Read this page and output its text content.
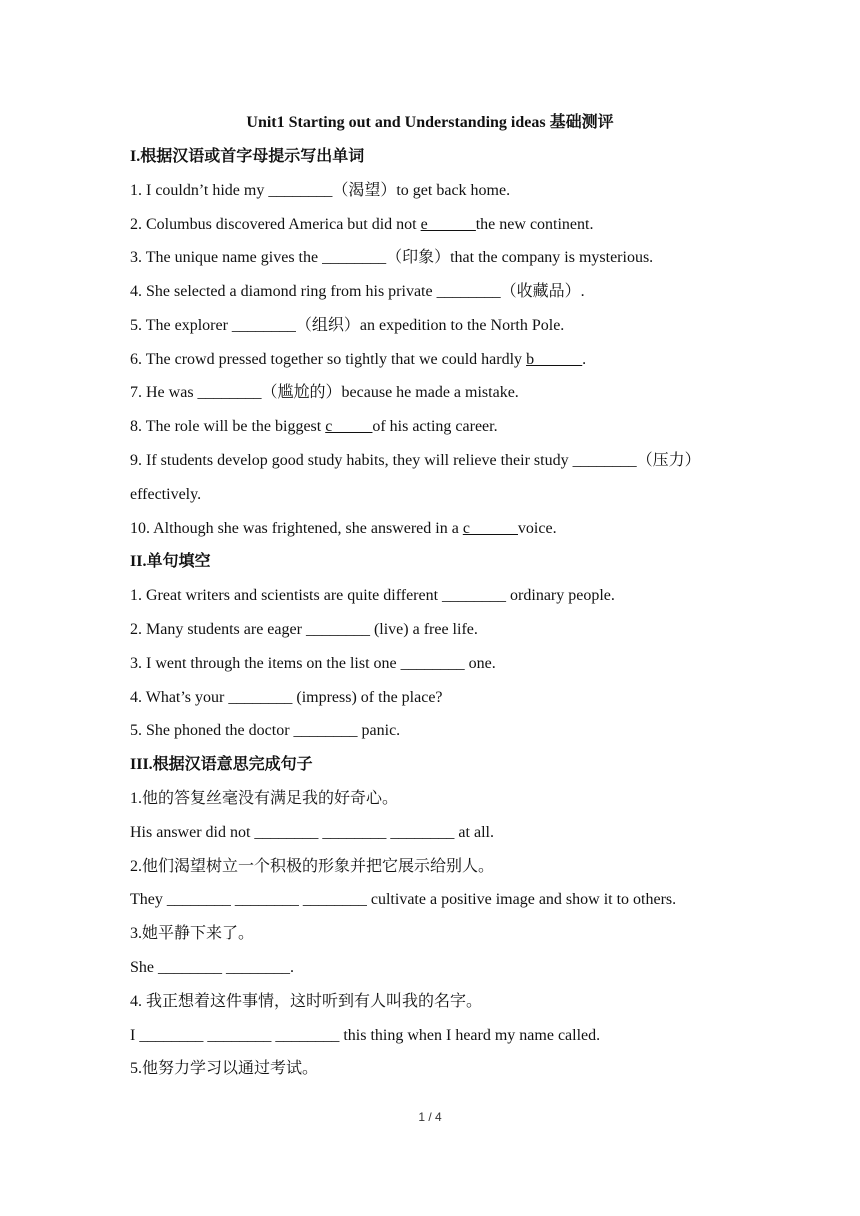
Unit1 Starting out and Understanding ideas 基础测评
I.根据汉语或首字母提示写出单词
1. I couldn’t hide my ________（渴望）to get back home.
2. Columbus discovered America but did not e______the new continent.
3. The unique name gives the ________（印象）that the company is mysterious.
4. She selected a diamond ring from his private ________（收藏品）.
5. The explorer ________（组织）an expedition to the North Pole.
6. The crowd pressed together so tightly that we could hardly b______.
7. He was ________（尴尬的）because he made a mistake.
8. The role will be the biggest c_____of his acting career.
9. If students develop good study habits, they will relieve their study ________（压力）
effectively.
10. Although she was frightened, she answered in a c______voice.
II.单句填空
1. Great writers and scientists are quite different ________ ordinary people.
2. Many students are eager ________ (live) a free life.
3. I went through the items on the list one ________ one.
4. What’s your ________ (impress) of the place?
5. She phoned the doctor ________ panic.
III.根据汉语意思完成句子
1.他的答复丝毫没有满足我的好奇心。
His answer did not ________ ________ ________ at all.
2.他们渴望树立一个积极的形象并把它展示给别人。
They ________ ________ ________ cultivate a positive image and show it to others.
3.她平静下来了。
She ________ ________.
4. 我正想着这件事情，这时听到有人叫我的名字。
I ________ ________ ________ this thing when I heard my name called.
5.他努力学习以通过考试。
1 / 4
